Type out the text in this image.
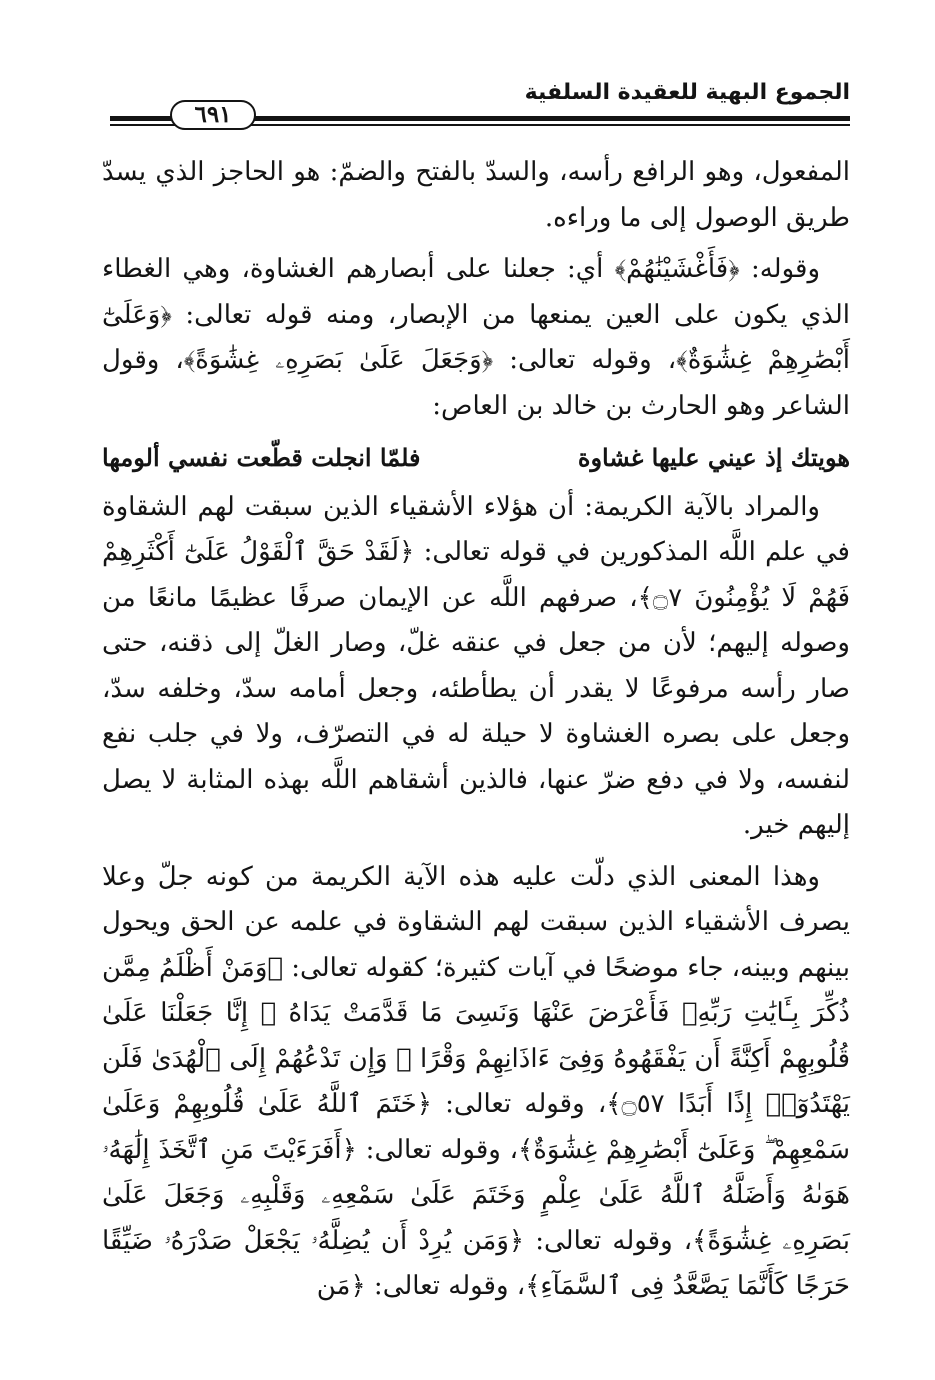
الجموع البهية للعقيدة السلفية
٦٩١

المفعول، وهو الرافع رأسه، والسدّ بالفتح والضمّ: هو الحاجز الذي يسدّ طريق الوصول إلى ما وراءه.

وقوله: ﴿فَأَغْشَيْنَٰهُمْ﴾ أي: جعلنا على أبصارهم الغشاوة، وهي الغطاء الذي يكون على العين يمنعها من الإبصار، ومنه قوله تعالى: ﴿وَعَلَىٰٓ أَبْصَٰرِهِمْ غِشَٰوَةٌ﴾، وقوله تعالى: ﴿وَجَعَلَ عَلَىٰ بَصَرِهِۦ غِشَٰوَةً﴾، وقول الشاعر وهو الحارث بن خالد بن العاص:

هويتك إذ عيني عليها غشاوة
فلمّا انجلت قطّعت نفسي ألومها

والمراد بالآية الكريمة: أن هؤلاء الأشقياء الذين سبقت لهم الشقاوة في علم اللَّه المذكورين في قوله تعالى: ﴿لَقَدْ حَقَّ ٱلْقَوْلُ عَلَىٰٓ أَكْثَرِهِمْ فَهُمْ لَا يُؤْمِنُونَ ۝٧﴾، صرفهم اللَّه عن الإيمان صرفًا عظيمًا مانعًا من وصوله إليهم؛ لأن من جعل في عنقه غلّ، وصار الغلّ إلى ذقنه، حتى صار رأسه مرفوعًا لا يقدر أن يطأطئه، وجعل أمامه سدّ، وخلفه سدّ، وجعل على بصره الغشاوة لا حيلة له في التصرّف، ولا في جلب نفع لنفسه، ولا في دفع ضرّ عنها، فالذين أشقاهم اللَّه بهذه المثابة لا يصل إليهم خير.

وهذا المعنى الذي دلّت عليه هذه الآية الكريمة من كونه جلّ وعلا يصرف الأشقياء الذين سبقت لهم الشقاوة في علمه عن الحق ويحول بينهم وبينه، جاء موضحًا في آيات كثيرة؛ كقوله تعالى: ﴿وَمَنْ أَظْلَمُ مِمَّن ذُكِّرَ بِـَٔايَٰتِ رَبِّهِۦ فَأَعْرَضَ عَنْهَا وَنَسِىَ مَا قَدَّمَتْ يَدَاهُ ۚ إِنَّا جَعَلْنَا عَلَىٰ قُلُوبِهِمْ أَكِنَّةً أَن يَفْقَهُوهُ وَفِىٓ ءَاذَانِهِمْ وَقْرًا ۖ وَإِن تَدْعُهُمْ إِلَى ٱلْهُدَىٰ فَلَن يَهْتَدُوٓا۟ إِذًا أَبَدًا ۝٥٧﴾، وقوله تعالى: ﴿خَتَمَ ٱللَّهُ عَلَىٰ قُلُوبِهِمْ وَعَلَىٰ سَمْعِهِمْ ۖ وَعَلَىٰٓ أَبْصَٰرِهِمْ غِشَٰوَةٌ﴾، وقوله تعالى: ﴿أَفَرَءَيْتَ مَنِ ٱتَّخَذَ إِلَٰهَهُۥ هَوَىٰهُ وَأَضَلَّهُ ٱللَّهُ عَلَىٰ عِلْمٍ وَخَتَمَ عَلَىٰ سَمْعِهِۦ وَقَلْبِهِۦ وَجَعَلَ عَلَىٰ بَصَرِهِۦ غِشَٰوَةً﴾، وقوله تعالى: ﴿وَمَن يُرِدْ أَن يُضِلَّهُۥ يَجْعَلْ صَدْرَهُۥ ضَيِّقًا حَرَجًا كَأَنَّمَا يَصَّعَّدُ فِى ٱلسَّمَآءِ﴾، وقوله تعالى: ﴿مَن
